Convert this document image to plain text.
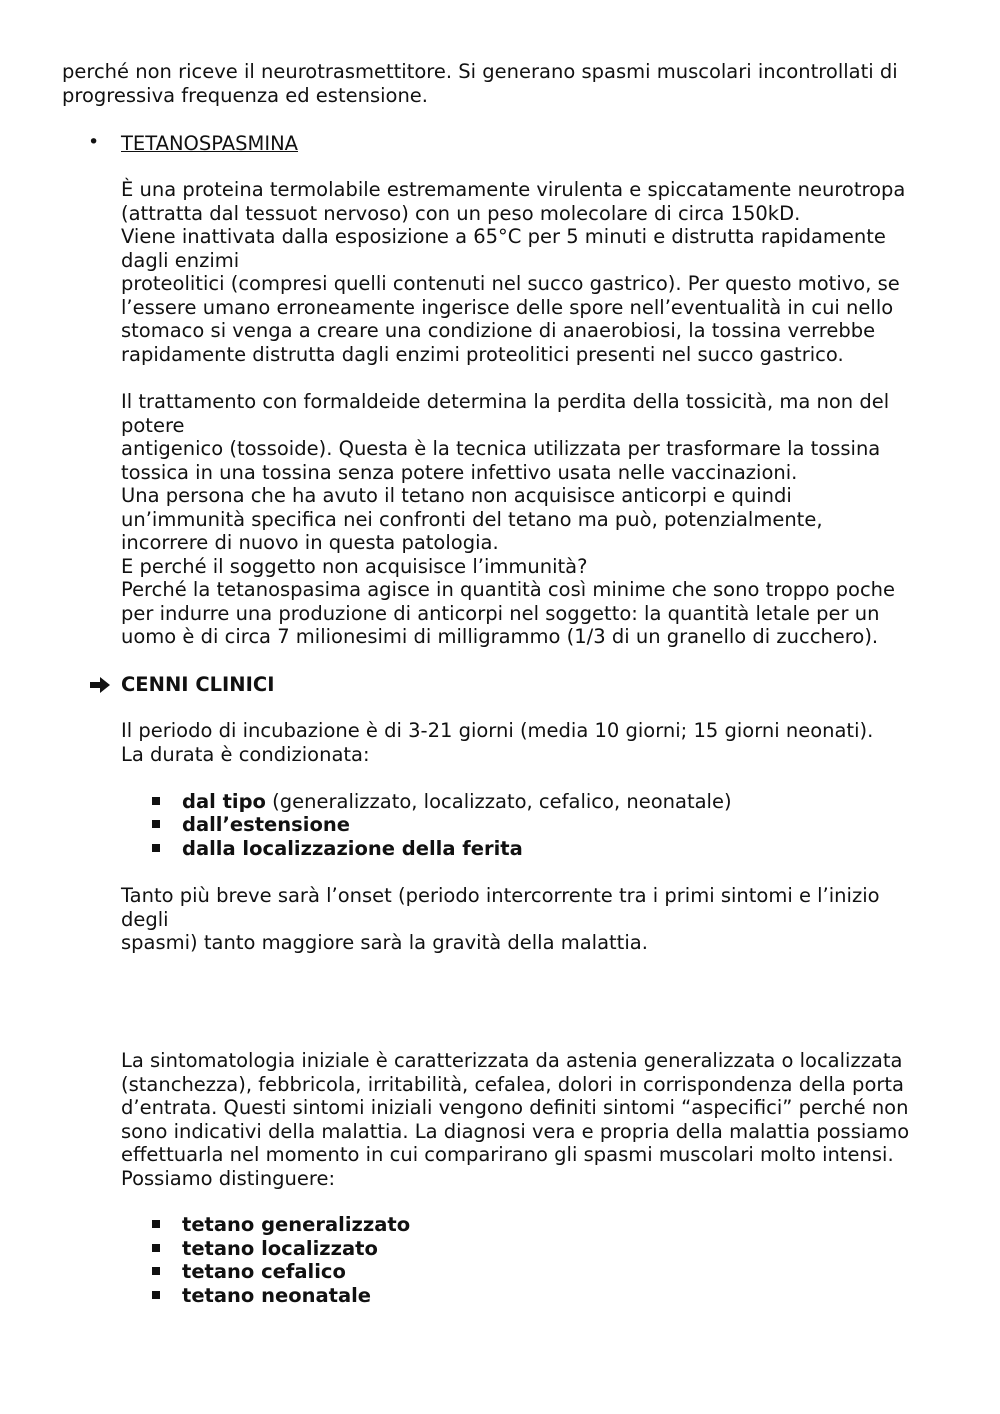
perché non riceve il neurotrasmettitore. Si generano spasmi muscolari incontrollati di
progressiva frequenza ed estensione.
• TETANOSPASMINA
È una proteina termolabile estremamente virulenta e spiccatamente neurotropa
(attratta dal tessuot nervoso) con un peso molecolare di circa 150kD.
Viene inattivata dalla esposizione a 65°C per 5 minuti e distrutta rapidamente
dagli enzimi
proteolitici (compresi quelli contenuti nel succo gastrico). Per questo motivo, se
l’essere umano erroneamente ingerisce delle spore nell’eventualità in cui nello
stomaco si venga a creare una condizione di anaerobiosi, la tossina verrebbe
rapidamente distrutta dagli enzimi proteolitici presenti nel succo gastrico.
Il trattamento con formaldeide determina la perdita della tossicità, ma non del
potere
antigenico (tossoide). Questa è la tecnica utilizzata per trasformare la tossina
tossica in una tossina senza potere infettivo usata nelle vaccinazioni.
Una persona che ha avuto il tetano non acquisisce anticorpi e quindi
un’immunità specifica nei confronti del tetano ma può, potenzialmente,
incorrere di nuovo in questa patologia.
E perché il soggetto non acquisisce l’immunità?
Perché la tetanospasima agisce in quantità così minime che sono troppo poche
per indurre una produzione di anticorpi nel soggetto: la quantità letale per un
uomo è di circa 7 milionesimi di milligrammo (1/3 di un granello di zucchero).
CENNI CLINICI
Il periodo di incubazione è di 3-21 giorni (media 10 giorni; 15 giorni neonati).
La durata è condizionata:
dal tipo (generalizzato, localizzato, cefalico, neonatale)
dall’estensione
dalla localizzazione della ferita
Tanto più breve sarà l’onset (periodo intercorrente tra i primi sintomi e l’inizio
degli
spasmi) tanto maggiore sarà la gravità della malattia.
La sintomatologia iniziale è caratterizzata da astenia generalizzata o localizzata
(stanchezza), febbricola, irritabilità, cefalea, dolori in corrispondenza della porta
d’entrata. Questi sintomi iniziali vengono definiti sintomi “aspecifici” perché non
sono indicativi della malattia. La diagnosi vera e propria della malattia possiamo
effettuarla nel momento in cui comparirano gli spasmi muscolari molto intensi.
Possiamo distinguere:
tetano generalizzato
tetano localizzato
tetano cefalico
tetano neonatale
